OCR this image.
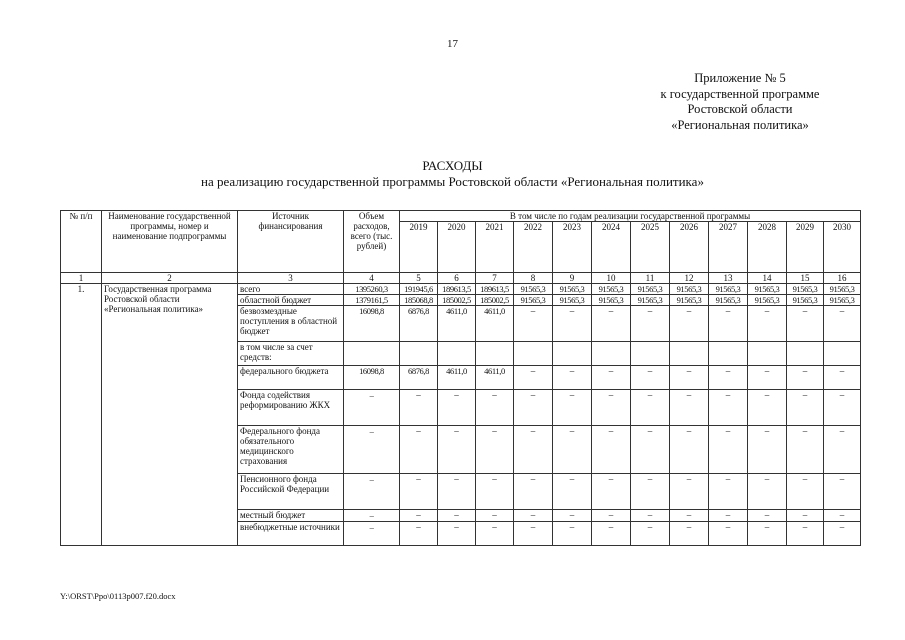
17
Приложение № 5
к государственной программе
Ростовской области
«Региональная политика»
РАСХОДЫ
на реализацию государственной программы Ростовской области «Региональная политика»
№ п/п	Наименование государственной программы, номер и наименование подпрограммы	Источник финансирования	Объем расходов, всего (тыс. рублей)	В том числе по годам реализации государственной программы											
				2019	2020	2021	2022	2023	2024	2025	2026	2027	2028	2029	2030
1	2	3	4	5	6	7	8	9	10	11	12	13	14	15	16
1.	Государственная программа Ростовской области «Региональная политика»	всего	1395260,3	191945,6	189613,5	189613,5	91565,3	91565,3	91565,3	91565,3	91565,3	91565,3	91565,3	91565,3	91565,3
		областной бюджет	1379161,5	185068,8	185002,5	185002,5	91565,3	91565,3	91565,3	91565,3	91565,3	91565,3	91565,3	91565,3	91565,3
		безвозмездные поступления в областной бюджет	16098,8	6876,8	4611,0	4611,0	–	–	–	–	–	–	–	–	–
		в том числе за счет средств:													
		федерального бюджета	16098,8	6876,8	4611,0	4611,0	–	–	–	–	–	–	–	–	–
		Фонда содействия реформированию ЖКХ	–	–	–	–	–	–	–	–	–	–	–	–	–
		Федерального фонда обязательного медицинского страхования	–	–	–	–	–	–	–	–	–	–	–	–	–
		Пенсионного фонда Российской Федерации	–	–	–	–	–	–	–	–	–	–	–	–	–
		местный бюджет	–	–	–	–	–	–	–	–	–	–	–	–	–
		внебюджетные источники	–	–	–	–	–	–	–	–	–	–	–	–	–
Y:\ORST\Ppo\0113p007.f20.docx
